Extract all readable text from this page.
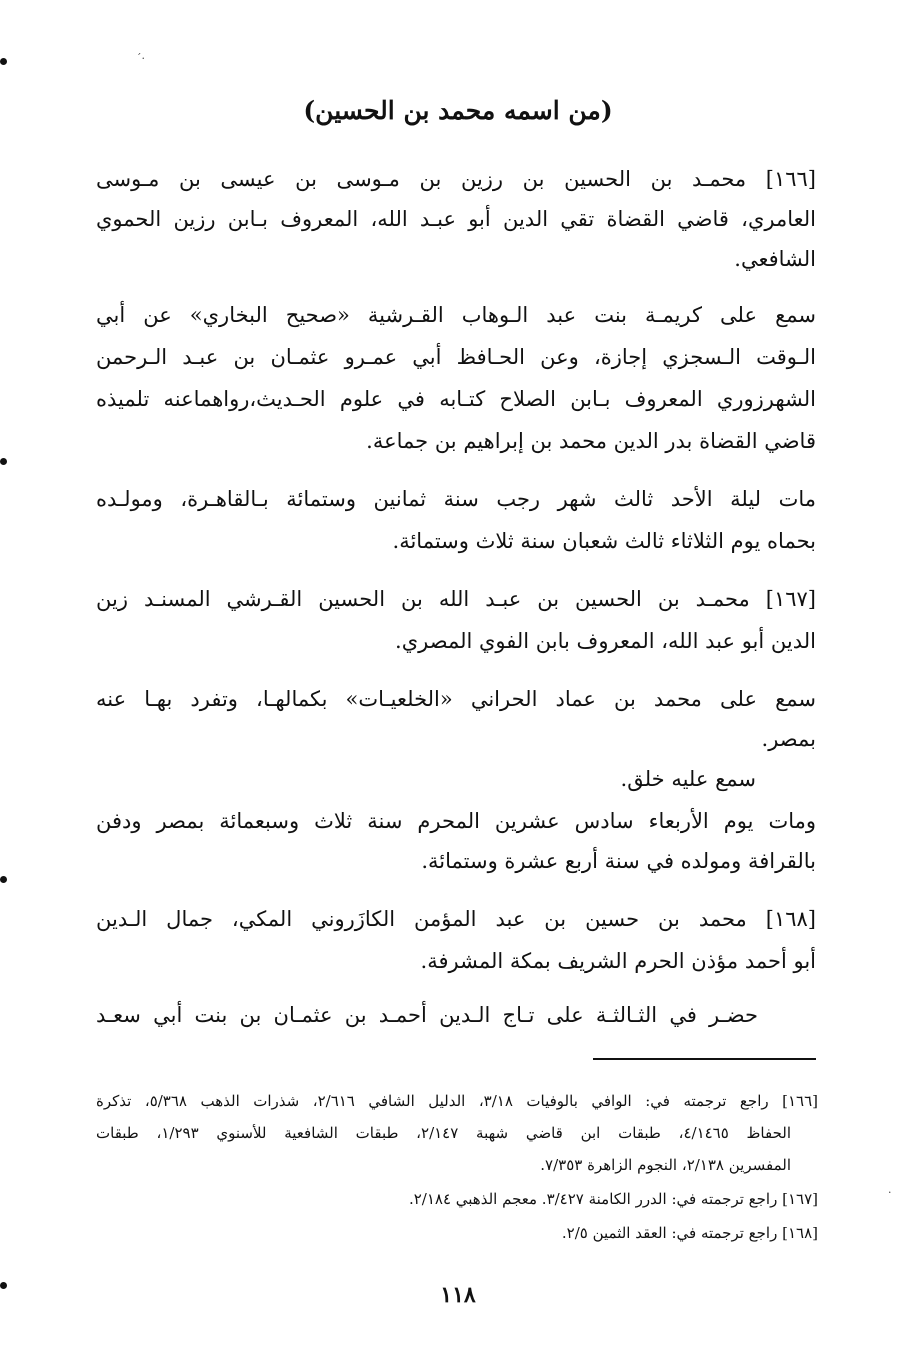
(من اسمه محمد بن الحسين)
[١٦٦] محمـد بن الحسين بن رزين بن مـوسى بن عيسى بن مـوسى
العامري، قاضي القضاة تقي الدين أبو عبـد الله، المعروف بـابن رزين الحموي
الشافعي.
سمع على كريمـة بنت عبد الـوهاب القـرشية «صحيح البخاري» عن أبي
الـوقت الـسجزي إجازة، وعن الحـافظ أبي عمـرو عثمـان بن عبـد الـرحمن
الشهرزوري المعروف بـابن الصلاح كتـابه في علوم الحـديث،رواهماعنه تلميذه
قاضي القضاة بدر الدين محمد بن إبراهيم بن جماعة.
مات ليلة الأحد ثالث شهر رجب سنة ثمانين وستمائة بـالقاهـرة، ومولـده
بحماه يوم الثلاثاء ثالث شعبان سنة ثلاث وستمائة.
[١٦٧] محمـد بن الحسين بن عبـد الله بن الحسين القـرشي المسنـد زين
الدين أبو عبد الله، المعروف بابن الفوي المصري.
سمع على محمد بن عماد الحراني «الخلعيـات» بكمالهـا، وتفرد بهـا عنه
بمصر.
سمع عليه خلق.
ومات يوم الأربعاء سادس عشرين المحرم سنة ثلاث وسبعمائة بمصر ودفن
بالقرافة ومولده في سنة أربع عشرة وستمائة.
[١٦٨] محمد بن حسين بن عبد المؤمن الكازَروني المكي، جمال الـدين
أبو أحمد مؤذن الحرم الشريف بمكة المشرفة.
حضـر في الثـالثـة على تـاج الـدين أحمـد بن عثمـان بن بنت أبي سعـد
[١٦٦] راجع ترجمته في: الوافي بالوفيات ٣/١٨، الدليل الشافي ٢/٦١٦، شذرات الذهب ٥/٣٦٨، تذكرة
الحفاظ ٤/١٤٦٥، طبقات ابن قاضي شهبة ٢/١٤٧، طبقات الشافعية للأسنوي ١/٢٩٣، طبقات
المفسرين ٢/١٣٨، النجوم الزاهرة ٧/٣٥٣.
[١٦٧] راجع ترجمته في: الدرر الكامنة ٣/٤٢٧. معجم الذهبي ٢/١٨٤.
[١٦٨] راجع ترجمته في: العقد الثمين ٢/٥.
١١٨
´·
·
